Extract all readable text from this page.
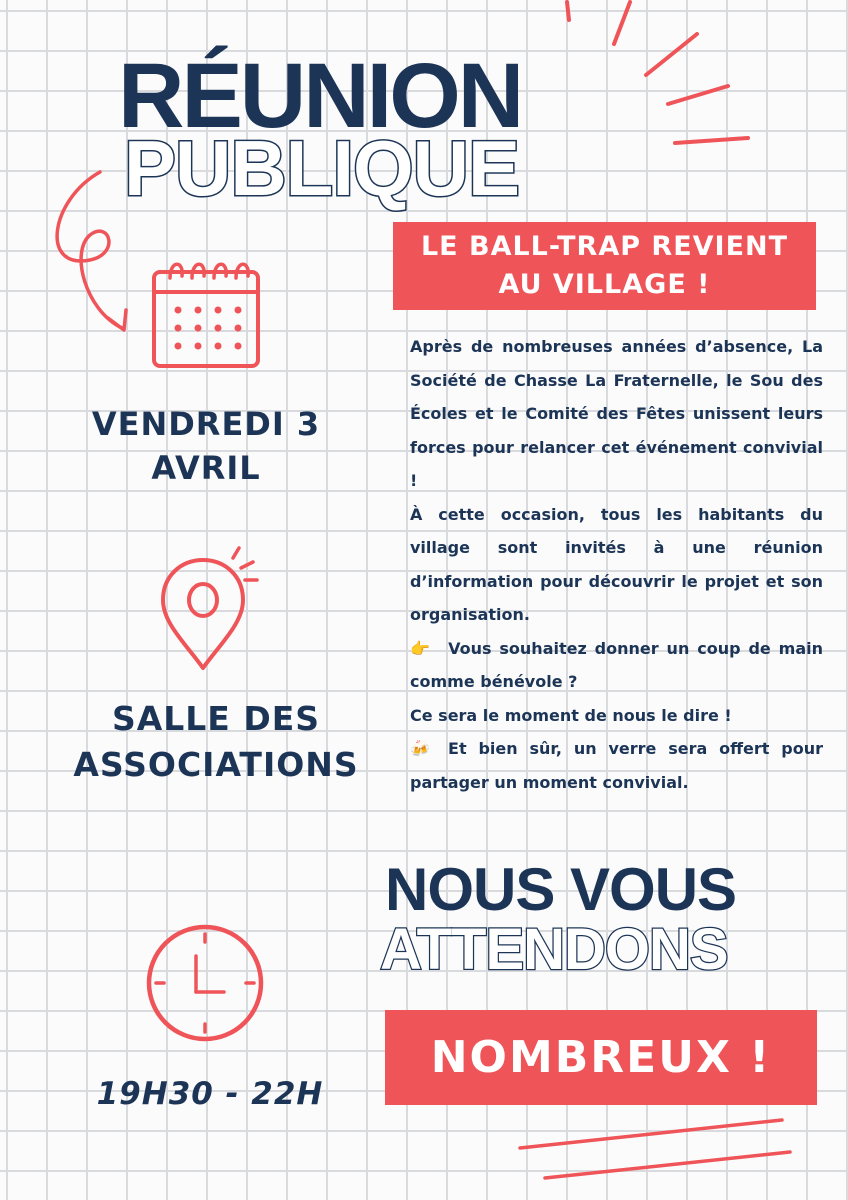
RÉUNION
PUBLIQUE
LE BALL-TRAP REVIENT
AU VILLAGE !
VENDREDI 3
AVRIL
SALLE DES
ASSOCIATIONS
19H30 - 22H

Après de nombreuses années d’absence, La Société de Chasse La Fraternelle, le Sou des Écoles et le Comité des Fêtes unissent leurs forces pour relancer cet événement convivial !

À cette occasion, tous les habitants du village sont invités à une réunion d’information pour découvrir le projet et son organisation.

👉 Vous souhaitez donner un coup de main comme bénévole ?

Ce sera le moment de nous le dire !

🍻 Et bien sûr, un verre sera offert pour partager un moment convivial.

NOUS VOUS
ATTENDONS
NOMBREUX !
